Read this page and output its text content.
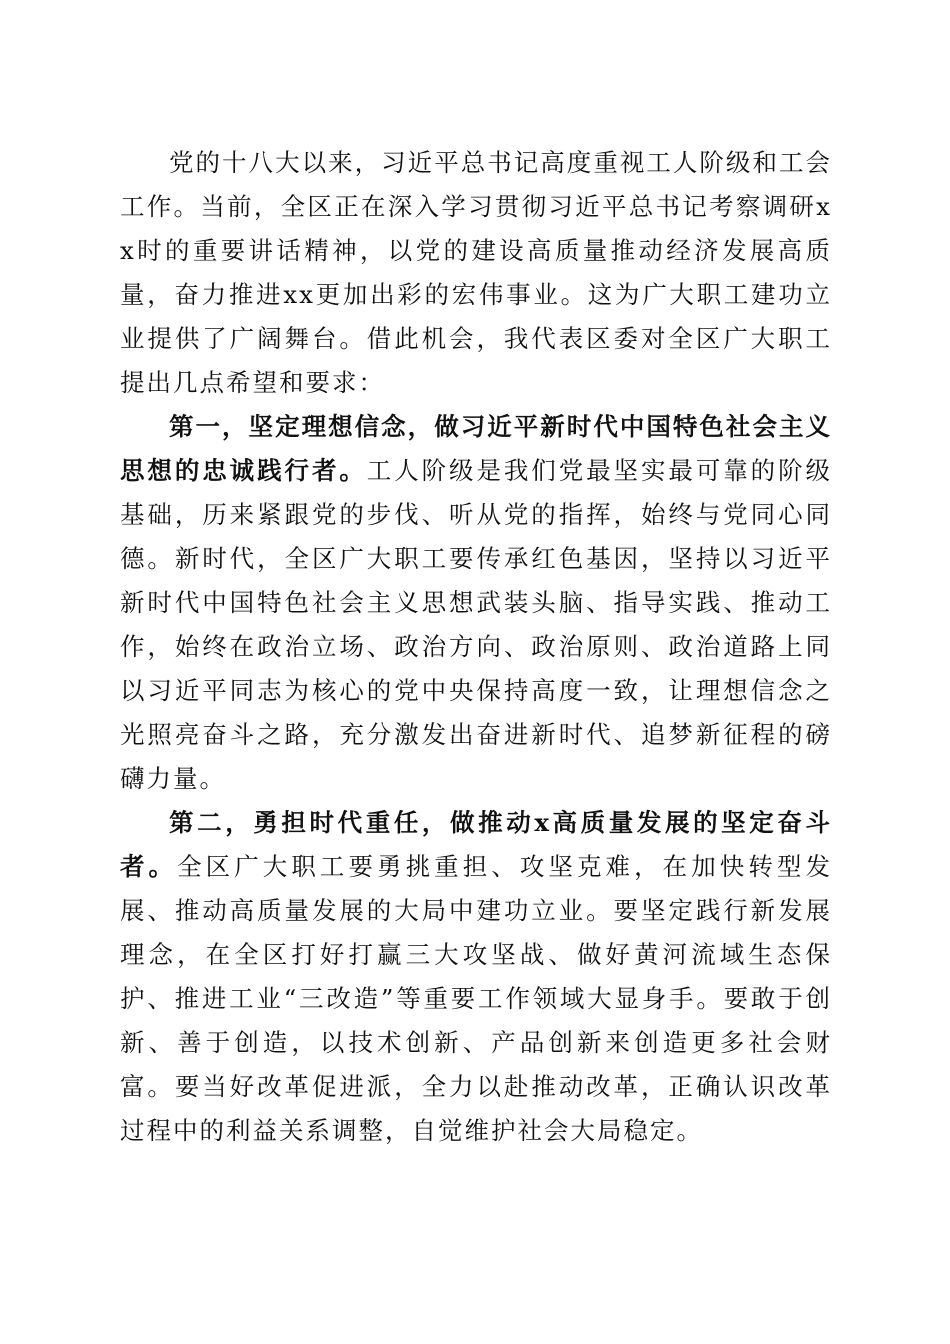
党的十八大以来，习近平总书记高度重视工人阶级和工会工作。当前，全区正在深入学习贯彻习近平总书记考察调研xx时的重要讲话精神，以党的建设高质量推动经济发展高质量，奋力推进xx更加出彩的宏伟事业。这为广大职工建功立业提供了广阔舞台。借此机会，我代表区委对全区广大职工提出几点希望和要求：

第一，坚定理想信念，做习近平新时代中国特色社会主义思想的忠诚践行者。工人阶级是我们党最坚实最可靠的阶级基础，历来紧跟党的步伐、听从党的指挥，始终与党同心同德。新时代，全区广大职工要传承红色基因，坚持以习近平新时代中国特色社会主义思想武装头脑、指导实践、推动工作，始终在政治立场、政治方向、政治原则、政治道路上同以习近平同志为核心的党中央保持高度一致，让理想信念之光照亮奋斗之路，充分激发出奋进新时代、追梦新征程的磅礴力量。

第二，勇担时代重任，做推动x高质量发展的坚定奋斗者。全区广大职工要勇挑重担、攻坚克难，在加快转型发展、推动高质量发展的大局中建功立业。要坚定践行新发展理念，在全区打好打赢三大攻坚战、做好黄河流域生态保护、推进工业“三改造”等重要工作领域大显身手。要敢于创新、善于创造，以技术创新、产品创新来创造更多社会财富。要当好改革促进派，全力以赴推动改革，正确认识改革过程中的利益关系调整，自觉维护社会大局稳定。
